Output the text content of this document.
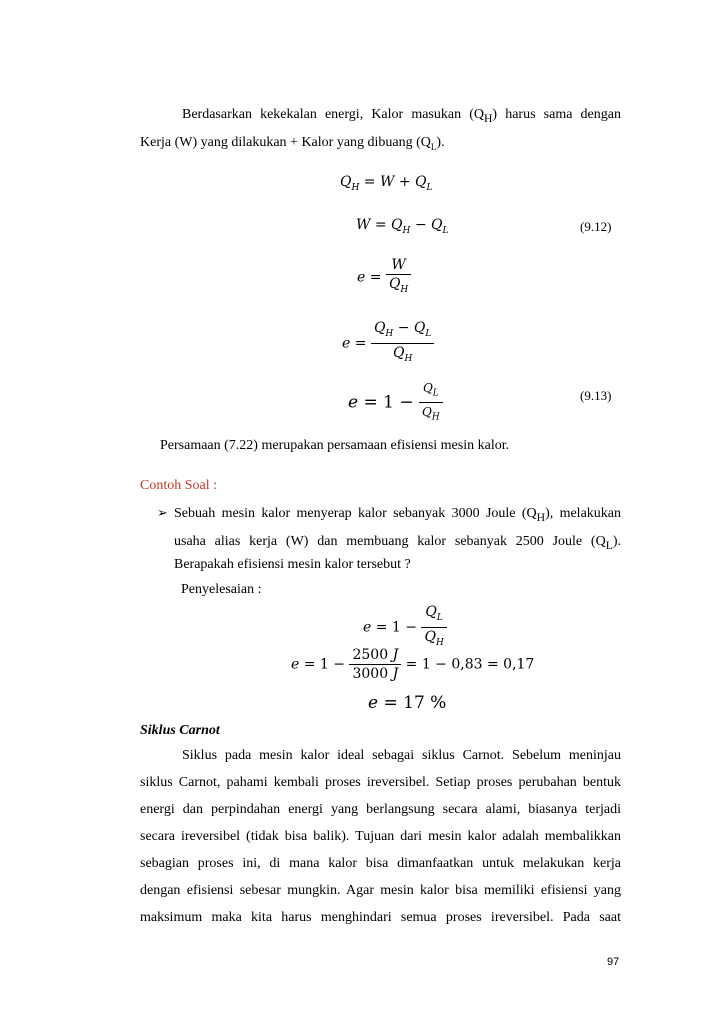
Berdasarkan kekekalan energi, Kalor masukan $(Q_H)$ harus sama dengan
Kerja (W) yang dilakukan + Kalor yang dibuang $(Q_L)$.
$Q_H = W + Q_L$
$W = Q_H - Q_L$	(9.12)
$e = \frac{W}{Q_H}$
$e = \frac{Q_H - Q_L}{Q_H}$
$e = 1 - \frac{Q_L}{Q_H}$	(9.13)
Persamaan (7.22) merupakan persamaan efisiensi mesin kalor.
Contoh Soal :
➢ Sebuah mesin kalor menyerap kalor sebanyak 3000 Joule $(Q_H)$, melakukan
usaha alias kerja (W) dan membuang kalor sebanyak 2500 Joule $(Q_L)$.
Berapakah efisiensi mesin kalor tersebut ?
Penyelesaian :
$e = 1 - \frac{Q_L}{Q_H}$
$e = 1 - \frac{2500 J}{3000 J} = 1 - 0,83 = 0,17$
e = 17 %
Siklus Carnot
Siklus pada mesin kalor ideal sebagai siklus Carnot. Sebelum meninjau
siklus Carnot, pahami kembali proses ireversibel. Setiap proses perubahan bentuk
energi dan perpindahan energi yang berlangsung secara alami, biasanya terjadi
secara ireversibel (tidak bisa balik). Tujuan dari mesin kalor adalah membalikkan
sebagian proses ini, di mana kalor bisa dimanfaatkan untuk melakukan kerja
dengan efisiensi sebesar mungkin. Agar mesin kalor bisa memiliki efisiensi yang
maksimum maka kita harus menghindari semua proses ireversibel. Pada saat
97
